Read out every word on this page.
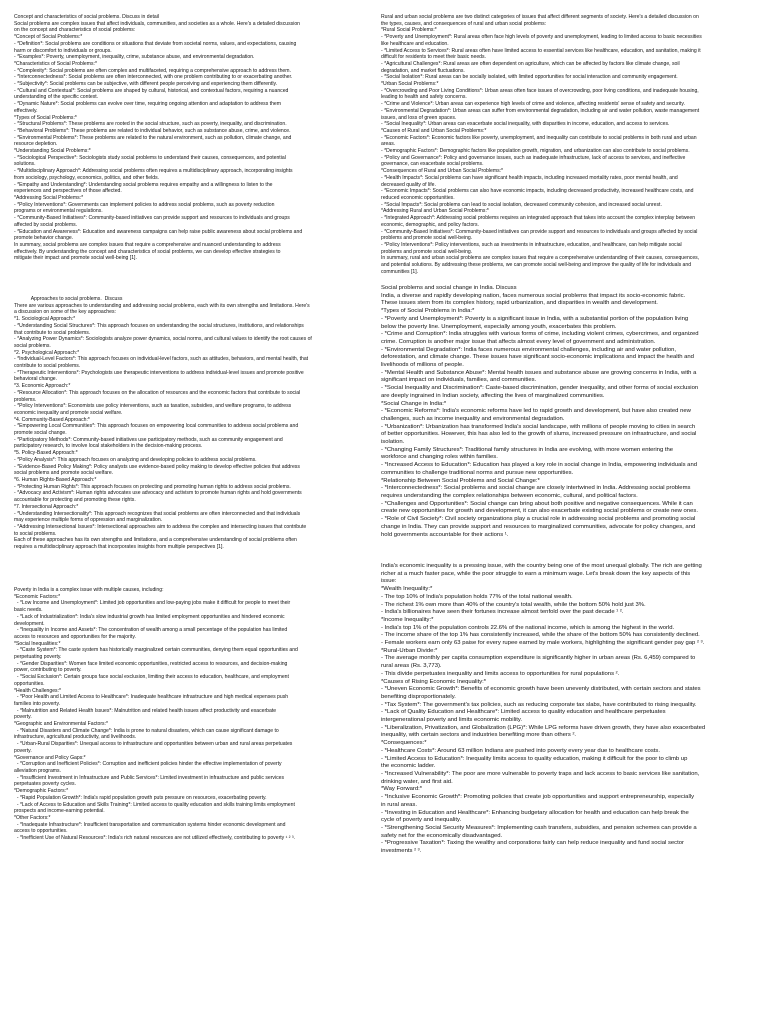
Concept and characteristics of social problems. Discuss in detail
Social problems are complex issues that affect individuals, communities, and societies as a whole. Here's a detailed discussion
on the concept and characteristics of social problems:
*Concept of Social Problems:*
- *Definition*: Social problems are conditions or situations that deviate from societal norms, values, and expectations, causing
harm or discomfort to individuals or groups.
- *Examples*: Poverty, unemployment, inequality, crime, substance abuse, and environmental degradation.
*Characteristics of Social Problems:*
- *Complexity*: Social problems are often complex and multifaceted, requiring a comprehensive approach to address them.
- *Interconnectedness*: Social problems are often interconnected, with one problem contributing to or exacerbating another.
- *Subjectivity*: Social problems can be subjective, with different people perceiving and experiencing them differently.
- *Cultural and Contextual*: Social problems are shaped by cultural, historical, and contextual factors, requiring a nuanced
understanding of the specific context.
- *Dynamic Nature*: Social problems can evolve over time, requiring ongoing attention and adaptation to address them
effectively.
*Types of Social Problems:*
- *Structural Problems*: These problems are rooted in the social structure, such as poverty, inequality, and discrimination.
- *Behavioral Problems*: These problems are related to individual behavior, such as substance abuse, crime, and violence.
- *Environmental Problems*: These problems are related to the natural environment, such as pollution, climate change, and
resource depletion.
*Understanding Social Problems:*
- *Sociological Perspective*: Sociologists study social problems to understand their causes, consequences, and potential
solutions.
- *Multidisciplinary Approach*: Addressing social problems often requires a multidisciplinary approach, incorporating insights
from sociology, psychology, economics, politics, and other fields.
- *Empathy and Understanding*: Understanding social problems requires empathy and a willingness to listen to the
experiences and perspectives of those affected.
*Addressing Social Problems:*
- *Policy Interventions*: Governments can implement policies to address social problems, such as poverty reduction
programs or environmental regulations.
- *Community-Based Initiatives*: Community-based initiatives can provide support and resources to individuals and groups
affected by social problems.
- *Education and Awareness*: Education and awareness campaigns can help raise public awareness about social problems and
promote behavior change.
In summary, social problems are complex issues that require a comprehensive and nuanced understanding to address
effectively. By understanding the concept and characteristics of social problems, we can develop effective strategies to
mitigate their impact and promote social well-being [1].
Approaches to social problems.  Discuss
There are various approaches to understanding and addressing social problems, each with its own strengths and limitations. Here's
a discussion on some of the key approaches:
*1. Sociological Approach:*
- *Understanding Social Structures*: This approach focuses on understanding the social structures, institutions, and relationships
that contribute to social problems.
- *Analyzing Power Dynamics*: Sociologists analyze power dynamics, social norms, and cultural values to identify the root causes of
social problems.
*2. Psychological Approach:*
- *Individual-Level Factors*: This approach focuses on individual-level factors, such as attitudes, behaviors, and mental health, that
contribute to social problems.
- *Therapeutic Interventions*: Psychologists use therapeutic interventions to address individual-level issues and promote positive
behavioral change.
*3. Economic Approach:*
- *Resource Allocation*: This approach focuses on the allocation of resources and the economic factors that contribute to social
problems.
- *Policy Interventions*: Economists use policy interventions, such as taxation, subsidies, and welfare programs, to address
economic inequality and promote social welfare.
*4. Community-Based Approach:*
- *Empowering Local Communities*: This approach focuses on empowering local communities to address social problems and
promote social change.
- *Participatory Methods*: Community-based initiatives use participatory methods, such as community engagement and
participatory research, to involve local stakeholders in the decision-making process.
*5. Policy-Based Approach:*
- *Policy Analysis*: This approach focuses on analyzing and developing policies to address social problems.
- *Evidence-Based Policy Making*: Policy analysts use evidence-based policy making to develop effective policies that address
social problems and promote social welfare.
*6. Human Rights-Based Approach:*
- *Protecting Human Rights*: This approach focuses on protecting and promoting human rights to address social problems.
- *Advocacy and Activism*: Human rights advocates use advocacy and activism to promote human rights and hold governments
accountable for protecting and promoting these rights.
*7. Intersectional Approach:*
- *Understanding Intersectionality*: This approach recognizes that social problems are often interconnected and that individuals
may experience multiple forms of oppression and marginalization.
- *Addressing Intersectional Issues*: Intersectional approaches aim to address the complex and intersecting issues that contribute
to social problems.
Each of these approaches has its own strengths and limitations, and a comprehensive understanding of social problems often
requires a multidisciplinary approach that incorporates insights from multiple perspectives [1].
Poverty in India is a complex issue with multiple causes, including:
*Economic Factors:*
- *Low Income and Unemployment*: Limited job opportunities and low-paying jobs make it difficult for people to meet their
basic needs.
- *Lack of Industrialization*: India's slow industrial growth has limited employment opportunities and hindered economic
development.
- *Inequality in Income and Assets*: The concentration of wealth among a small percentage of the population has limited
access to resources and opportunities for the majority.
*Social Inequalities:*
- *Caste System*: The caste system has historically marginalized certain communities, denying them equal opportunities and
perpetuating poverty.
- *Gender Disparities*: Women face limited economic opportunities, restricted access to resources, and decision-making
power, contributing to poverty.
- *Social Exclusion*: Certain groups face social exclusion, limiting their access to education, healthcare, and employment
opportunities.
*Health Challenges:*
- *Poor Health and Limited Access to Healthcare*: Inadequate healthcare infrastructure and high medical expenses push
families into poverty.
- *Malnutrition and Related Health Issues*: Malnutrition and related health issues affect productivity and exacerbate
poverty.
*Geographic and Environmental Factors:*
- *Natural Disasters and Climate Change*: India is prone to natural disasters, which can cause significant damage to
infrastructure, agricultural productivity, and livelihoods.
- *Urban-Rural Disparities*: Unequal access to infrastructure and opportunities between urban and rural areas perpetuates
poverty.
*Governance and Policy Gaps:*
- *Corruption and Inefficient Policies*: Corruption and inefficient policies hinder the effective implementation of poverty
alleviation programs.
- *Insufficient Investment in Infrastructure and Public Services*: Limited investment in infrastructure and public services
perpetuates poverty cycles.
*Demographic Factors:*
- *Rapid Population Growth*: India's rapid population growth puts pressure on resources, exacerbating poverty.
- *Lack of Access to Education and Skills Training*: Limited access to quality education and skills training limits employment
prospects and income-earning potential.
*Other Factors:*
- *Inadequate Infrastructure*: Insufficient transportation and communication systems hinder economic development and
access to opportunities.
- *Inefficient Use of Natural Resources*: India's rich natural resources are not utilized effectively, contributing to poverty ¹ ² ³.
Rural and urban social problems are two distinct categories of issues that affect different segments of society. Here's a detailed discussion on
the types, causes, and consequences of rural and urban social problems:
*Rural Social Problems:*
- *Poverty and Unemployment*: Rural areas often face high levels of poverty and unemployment, leading to limited access to basic necessities
like healthcare and education.
- *Limited Access to Services*: Rural areas often have limited access to essential services like healthcare, education, and sanitation, making it
difficult for residents to meet their basic needs.
- *Agricultural Challenges*: Rural areas are often dependent on agriculture, which can be affected by factors like climate change, soil
degradation, and market fluctuations.
- *Social Isolation*: Rural areas can be socially isolated, with limited opportunities for social interaction and community engagement.
*Urban Social Problems:*
- *Overcrowding and Poor Living Conditions*: Urban areas often face issues of overcrowding, poor living conditions, and inadequate housing,
leading to health and safety concerns.
- *Crime and Violence*: Urban areas can experience high levels of crime and violence, affecting residents' sense of safety and security.
- *Environmental Degradation*: Urban areas can suffer from environmental degradation, including air and water pollution, waste management
issues, and loss of green spaces.
- *Social Inequality*: Urban areas can exacerbate social inequality, with disparities in income, education, and access to services.
*Causes of Rural and Urban Social Problems:*
- *Economic Factors*: Economic factors like poverty, unemployment, and inequality can contribute to social problems in both rural and urban
areas.
- *Demographic Factors*: Demographic factors like population growth, migration, and urbanization can also contribute to social problems.
- *Policy and Governance*: Policy and governance issues, such as inadequate infrastructure, lack of access to services, and ineffective
governance, can exacerbate social problems.
*Consequences of Rural and Urban Social Problems:*
- *Health Impacts*: Social problems can have significant health impacts, including increased mortality rates, poor mental health, and
decreased quality of life.
- *Economic Impacts*: Social problems can also have economic impacts, including decreased productivity, increased healthcare costs, and
reduced economic opportunities.
- *Social Impacts*: Social problems can lead to social isolation, decreased community cohesion, and increased social unrest.
*Addressing Rural and Urban Social Problems:*
- *Integrated Approach*: Addressing social problems requires an integrated approach that takes into account the complex interplay between
economic, demographic, and policy factors.
- *Community-Based Initiatives*: Community-based initiatives can provide support and resources to individuals and groups affected by social
problems and promote social well-being.
- *Policy Interventions*: Policy interventions, such as investments in infrastructure, education, and healthcare, can help mitigate social
problems and promote social well-being.
In summary, rural and urban social problems are complex issues that require a comprehensive understanding of their causes, consequences,
and potential solutions. By addressing these problems, we can promote social well-being and improve the quality of life for individuals and
communities [1].
Social problems and social change in India. Discuss
India, a diverse and rapidly developing nation, faces numerous social problems that impact its socio-economic fabric.
These issues stem from its complex history, rapid urbanization, and disparities in wealth and development.
*Types of Social Problems in India:*
- *Poverty and Unemployment*: Poverty is a significant issue in India, with a substantial portion of the population living
below the poverty line. Unemployment, especially among youth, exacerbates this problem.
- *Crime and Corruption*: India struggles with various forms of crime, including violent crimes, cybercrimes, and organized
crime. Corruption is another major issue that affects almost every level of government and administration.
- *Environmental Degradation*: India faces numerous environmental challenges, including air and water pollution,
deforestation, and climate change. These issues have significant socio-economic implications and impact the health and
livelihoods of millions of people.
- *Mental Health and Substance Abuse*: Mental health issues and substance abuse are growing concerns in India, with a
significant impact on individuals, families, and communities.
- *Social Inequality and Discrimination*: Caste-based discrimination, gender inequality, and other forms of social exclusion
are deeply ingrained in Indian society, affecting the lives of marginalized communities.
*Social Change in India:*
- *Economic Reforms*: India's economic reforms have led to rapid growth and development, but have also created new
challenges, such as income inequality and environmental degradation.
- *Urbanization*: Urbanization has transformed India's social landscape, with millions of people moving to cities in search
of better opportunities. However, this has also led to the growth of slums, increased pressure on infrastructure, and social
isolation.
- *Changing Family Structures*: Traditional family structures in India are evolving, with more women entering the
workforce and changing roles within families.
- *Increased Access to Education*: Education has played a key role in social change in India, empowering individuals and
communities to challenge traditional norms and pursue new opportunities.
*Relationship Between Social Problems and Social Change:*
- *Interconnectedness*: Social problems and social change are closely intertwined in India. Addressing social problems
requires understanding the complex relationships between economic, cultural, and political factors.
- *Challenges and Opportunities*: Social change can bring about both positive and negative consequences. While it can
create new opportunities for growth and development, it can also exacerbate existing social problems or create new ones.
- *Role of Civil Society*: Civil society organizations play a crucial role in addressing social problems and promoting social
change in India. They can provide support and resources to marginalized communities, advocate for policy changes, and
hold governments accountable for their actions ¹.
India's economic inequality is a pressing issue, with the country being one of the most unequal globally. The rich are getting
richer at a much faster pace, while the poor struggle to earn a minimum wage. Let's break down the key aspects of this
issue:
*Wealth Inequality:*
- The top 10% of India's population holds 77% of the total national wealth.
- The richest 1% own more than 40% of the country's total wealth, while the bottom 50% hold just 3%.
- India's billionaires have seen their fortunes increase almost tenfold over the past decade ¹ ².
*Income Inequality:*
- India's top 1% of the population controls 22.6% of the national income, which is among the highest in the world.
- The income share of the top 1% has consistently increased, while the share of the bottom 50% has consistently declined.
- Female workers earn only 63 paise for every rupee earned by male workers, highlighting the significant gender pay gap ² ³.
*Rural-Urban Divide:*
- The average monthly per capita consumption expenditure is significantly higher in urban areas (Rs. 6,459) compared to
rural areas (Rs. 3,773).
- This divide perpetuates inequality and limits access to opportunities for rural populations ².
*Causes of Rising Economic Inequality:*
- *Uneven Economic Growth*: Benefits of economic growth have been unevenly distributed, with certain sectors and states
benefiting disproportionately.
- *Tax System*: The government's tax policies, such as reducing corporate tax slabs, have contributed to rising inequality.
- *Lack of Quality Education and Healthcare*: Limited access to quality education and healthcare perpetuates
intergenerational poverty and limits economic mobility.
- *Liberalization, Privatization, and Globalization (LPG)*: While LPG reforms have driven growth, they have also exacerbated
inequality, with certain sectors and industries benefiting more than others ².
*Consequences:*
- *Healthcare Costs*: Around 63 million Indians are pushed into poverty every year due to healthcare costs.
- *Limited Access to Education*: Inequality limits access to quality education, making it difficult for the poor to climb up
the economic ladder.
- *Increased Vulnerability*: The poor are more vulnerable to poverty traps and lack access to basic services like sanitation,
drinking water, and first aid.
*Way Forward:*
- *Inclusive Economic Growth*: Promoting policies that create job opportunities and support entrepreneurship, especially
in rural areas.
- *Investing in Education and Healthcare*: Enhancing budgetary allocation for health and education can help break the
cycle of poverty and inequality.
- *Strengthening Social Security Measures*: Implementing cash transfers, subsidies, and pension schemes can provide a
safety net for the economically disadvantaged.
- *Progressive Taxation*: Taxing the wealthy and corporations fairly can help reduce inequality and fund social sector
investments ² ³.
